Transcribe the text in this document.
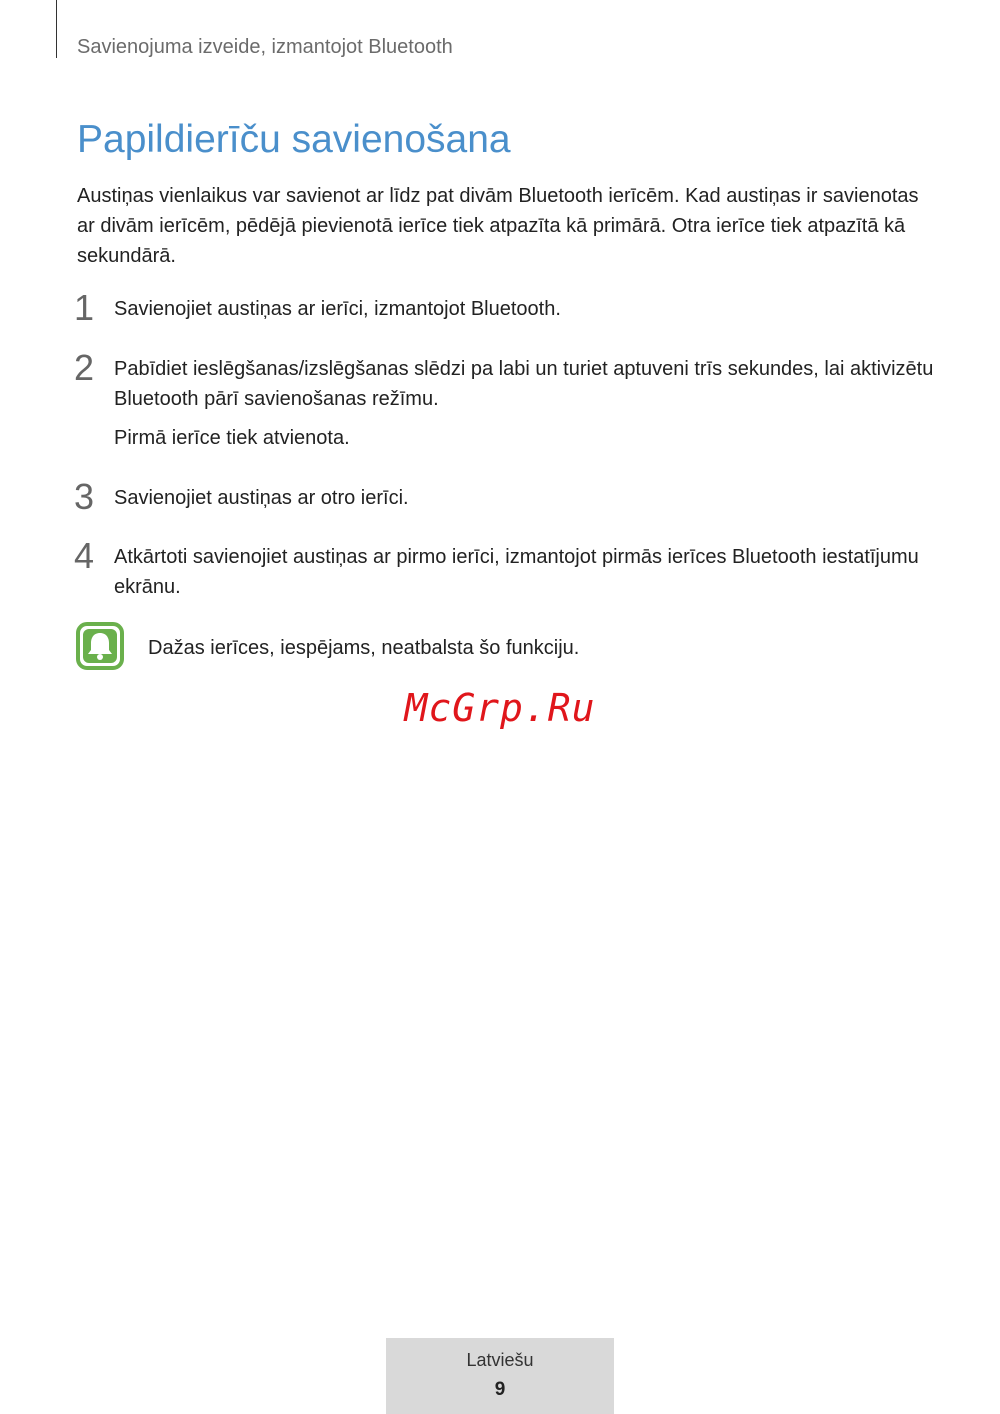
Savienojuma izveide, izmantojot Bluetooth
Papildierīču savienošana

Austiņas vienlaikus var savienot ar līdz pat divām Bluetooth ierīcēm. Kad austiņas ir savienotas ar divām ierīcēm, pēdējā pievienotā ierīce tiek atpazīta kā primārā. Otra ierīce tiek atpazītā kā sekundārā.

1 Savienojiet austiņas ar ierīci, izmantojot Bluetooth.

2 Pabīdiet ieslēgšanas/izslēgšanas slēdzi pa labi un turiet aptuveni trīs sekundes, lai aktivizētu Bluetooth pārī savienošanas režīmu.

Pirmā ierīce tiek atvienota.

3 Savienojiet austiņas ar otro ierīci.

4 Atkārtoti savienojiet austiņas ar pirmo ierīci, izmantojot pirmās ierīces Bluetooth iestatījumu ekrānu.

Dažas ierīces, iespējams, neatbalsta šo funkciju.

McGrp.Ru
Latviešu
9
